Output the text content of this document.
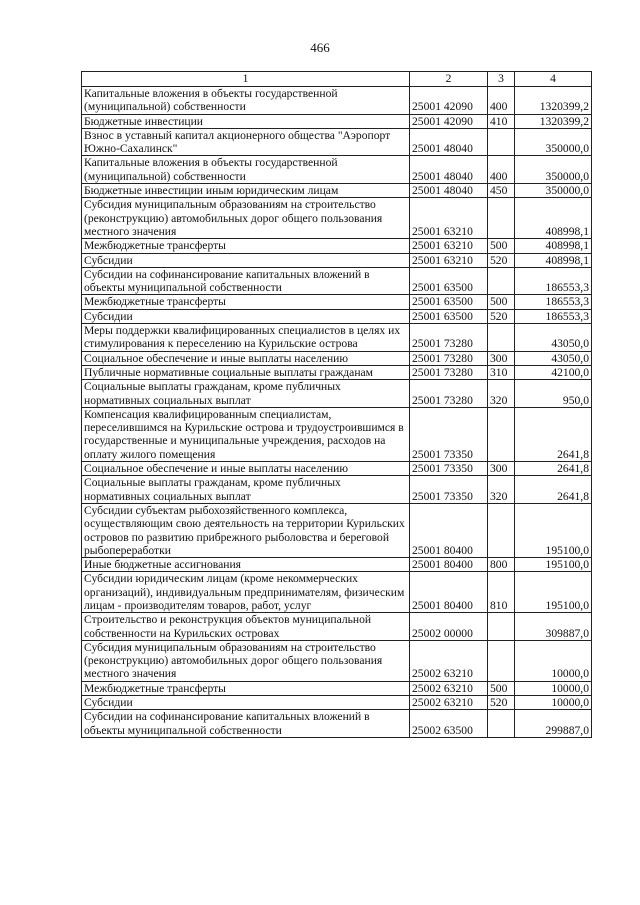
466
1	2	3	4
Капитальные вложения в объекты государственной (муниципальной) собственности	25001 42090	400	1320399,2
Бюджетные инвестиции	25001 42090	410	1320399,2
Взнос в уставный капитал акционерного общества "Аэропорт Южно-Сахалинск"	25001 48040		350000,0
Капитальные вложения в объекты государственной (муниципальной) собственности	25001 48040	400	350000,0
Бюджетные инвестиции иным юридическим лицам	25001 48040	450	350000,0
Субсидия муниципальным образованиям на строительство (реконструкцию) автомобильных дорог общего пользования местного значения	25001 63210		408998,1
Межбюджетные трансферты	25001 63210	500	408998,1
Субсидии	25001 63210	520	408998,1
Субсидии на софинансирование капитальных вложений в объекты муниципальной собственности	25001 63500		186553,3
Межбюджетные трансферты	25001 63500	500	186553,3
Субсидии	25001 63500	520	186553,3
Меры поддержки квалифицированных специалистов в целях их стимулирования к переселению на Курильские острова	25001 73280		43050,0
Социальное обеспечение и иные выплаты населению	25001 73280	300	43050,0
Публичные нормативные социальные выплаты гражданам	25001 73280	310	42100,0
Социальные выплаты гражданам, кроме публичных нормативных социальных выплат	25001 73280	320	950,0
Компенсация квалифицированным специалистам, переселившимся на Курильские острова и трудоустроившимся в государственные и муниципальные учреждения, расходов на оплату жилого помещения	25001 73350		2641,8
Социальное обеспечение и иные выплаты населению	25001 73350	300	2641,8
Социальные выплаты гражданам, кроме публичных нормативных социальных выплат	25001 73350	320	2641,8
Субсидии субъектам рыбохозяйственного комплекса, осуществляющим свою деятельность на территории Курильских островов по развитию прибрежного рыболовства и береговой рыбопереработки	25001 80400		195100,0
Иные бюджетные ассигнования	25001 80400	800	195100,0
Субсидии юридическим лицам (кроме некоммерческих организаций), индивидуальным предпринимателям, физическим лицам - производителям товаров, работ, услуг	25001 80400	810	195100,0
Строительство и реконструкция объектов муниципальной собственности на Курильских островах	25002 00000		309887,0
Субсидия муниципальным образованиям на строительство (реконструкцию) автомобильных дорог общего пользования местного значения	25002 63210		10000,0
Межбюджетные трансферты	25002 63210	500	10000,0
Субсидии	25002 63210	520	10000,0
Субсидии на софинансирование капитальных вложений в объекты муниципальной собственности	25002 63500		299887,0
